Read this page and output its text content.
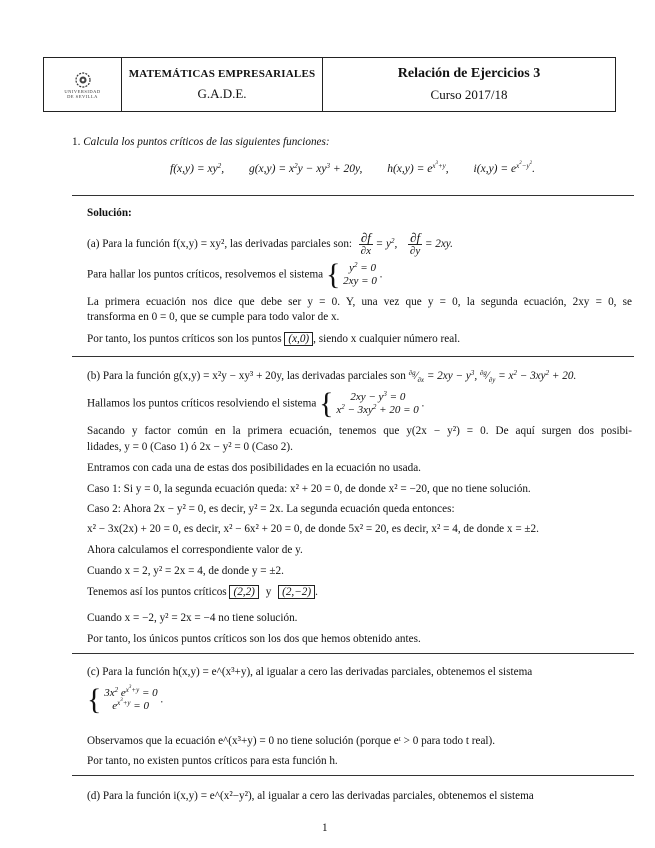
UNIVERSIDAD
DE SEVILLA
MATEMÁTICAS EMPRESARIALES
G.A.D.E.
Relación de Ejercicios 3
Curso 2017/18
1. Calcula los puntos críticos de las siguientes funciones:
$f(x,y) = xy^2$, $g(x,y) = x^2y - xy^3 + 20y$, $h(x,y) = e^{x^3+y}$, $i(x,y) = e^{x^2-y^2}$.
Solución:
(a) Para la función f(x,y) = xy², las derivadas parciales son: $\frac{\partial f}{\partial x} = y^2$, $\frac{\partial f}{\partial y} = 2xy$.
Para hallar los puntos críticos, resolvemos el sistema { $y^2 = 0$
2xy = 0
.
La primera ecuación nos dice que debe ser y = 0. Y, una vez que y = 0, la segunda ecuación, 2xy = 0, se
transforma en 0 = 0, que se cumple para todo valor de x.
Por tanto, los puntos críticos son los puntos (x,0) , siendo x cualquier número real.
(b) Para la función g(x,y) = x²y − xy³ + 20y, las derivadas parciales son $^{\partial g}⁄_{\partial x} = 2xy - y^3$, $^{\partial g}⁄_{\partial y} = x^2 - 3xy^2 + 20$.
Hallamos los puntos críticos resolviendo el sistema {	$2xy - y^3 = 0$
$x^2 - 3xy^2 + 20 = 0$
.
Sacando y factor común en la primera ecuación, tenemos que y(2x − y²) = 0. De aquí surgen dos posibi-
lidades, y = 0 (Caso 1) ó 2x − y² = 0 (Caso 2).
Entramos con cada una de estas dos posibilidades en la ecuación no usada.
Caso 1: Si y = 0, la segunda ecuación queda: x² + 20 = 0, de donde x² = −20, que no tiene solución.
Caso 2: Ahora 2x − y² = 0, es decir, y² = 2x. La segunda ecuación queda entonces:
x² − 3x(2x) + 20 = 0, es decir, x² − 6x² + 20 = 0, de donde 5x² = 20, es decir, x² = 4, de donde x = ±2.
Ahora calculamos el correspondiente valor de y.
Cuando x = 2, y² = 2x = 4, de donde y = ±2.
Tenemos así los puntos críticos (2,2) y (2,−2) .
Cuando x = −2, y² = 2x = −4 no tiene solución.
Por tanto, los únicos puntos críticos son los dos que hemos obtenido antes.
(c) Para la función h(x,y) = e^(x³+y), al igualar a cero las derivadas parciales, obtenemos el sistema
{ $3x^2$ $e^{x^3+y} = 0$
$e^{x^3+y} = 0$
.
Observamos que la ecuación e^(x³+y) = 0 no tiene solución (porque eᵗ > 0 para todo t real).
Por tanto, no existen puntos críticos para esta función h.
(d) Para la función i(x,y) = e^(x²−y²), al igualar a cero las derivadas parciales, obtenemos el sistema
1
